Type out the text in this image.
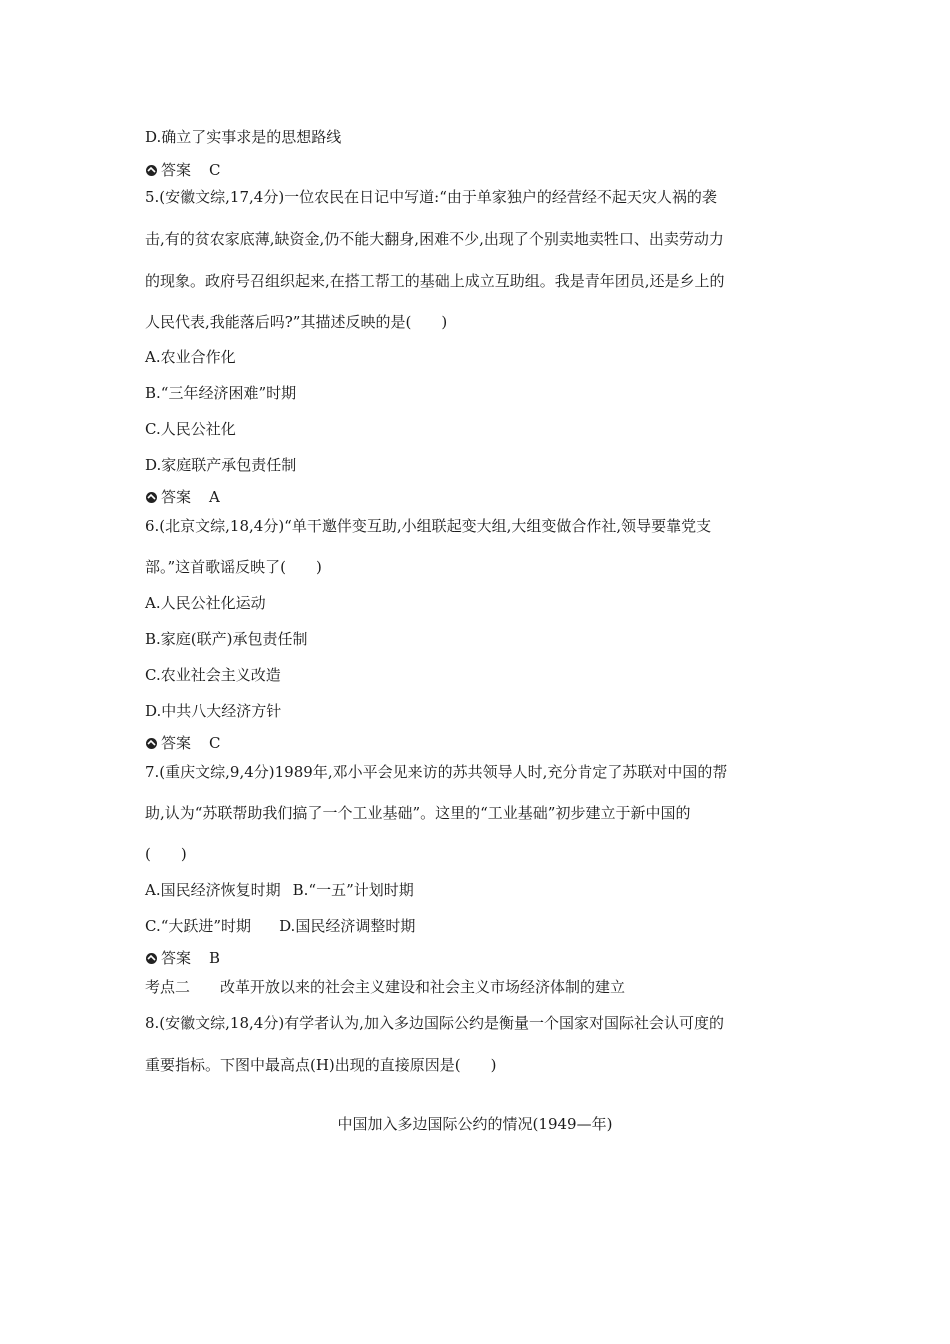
D.确立了实事求是的思想路线
答案 C
5.(安徽文综,17,4分)一位农民在日记中写道:“由于单家独户的经营经不起天灾人祸的袭
击,有的贫农家底薄,缺资金,仍不能大翻身,困难不少,出现了个别卖地卖牲口、出卖劳动力
的现象。政府号召组织起来,在搭工帮工的基础上成立互助组。我是青年团员,还是乡上的
人民代表,我能落后吗?”其描述反映的是(　　)
A.农业合作化
B.“三年经济困难”时期
C.人民公社化
D.家庭联产承包责任制
答案 A
6.(北京文综,18,4分)“单干邀伴变互助,小组联起变大组,大组变做合作社,领导要靠党支
部。”这首歌谣反映了(　　)
A.人民公社化运动
B.家庭(联产)承包责任制
C.农业社会主义改造
D.中共八大经济方针
答案 C
7.(重庆文综,9,4分)1989年,邓小平会见来访的苏共领导人时,充分肯定了苏联对中国的帮
助,认为“苏联帮助我们搞了一个工业基础”。这里的“工业基础”初步建立于新中国的
(　　)
A.国民经济恢复时期 B.“一五”计划时期
C.“大跃进”时期 D.国民经济调整时期
答案 B
考点二 改革开放以来的社会主义建设和社会主义市场经济体制的建立
8.(安徽文综,18,4分)有学者认为,加入多边国际公约是衡量一个国家对国际社会认可度的
重要指标。下图中最高点(H)出现的直接原因是(　　)
中国加入多边国际公约的情况(1949—年)
